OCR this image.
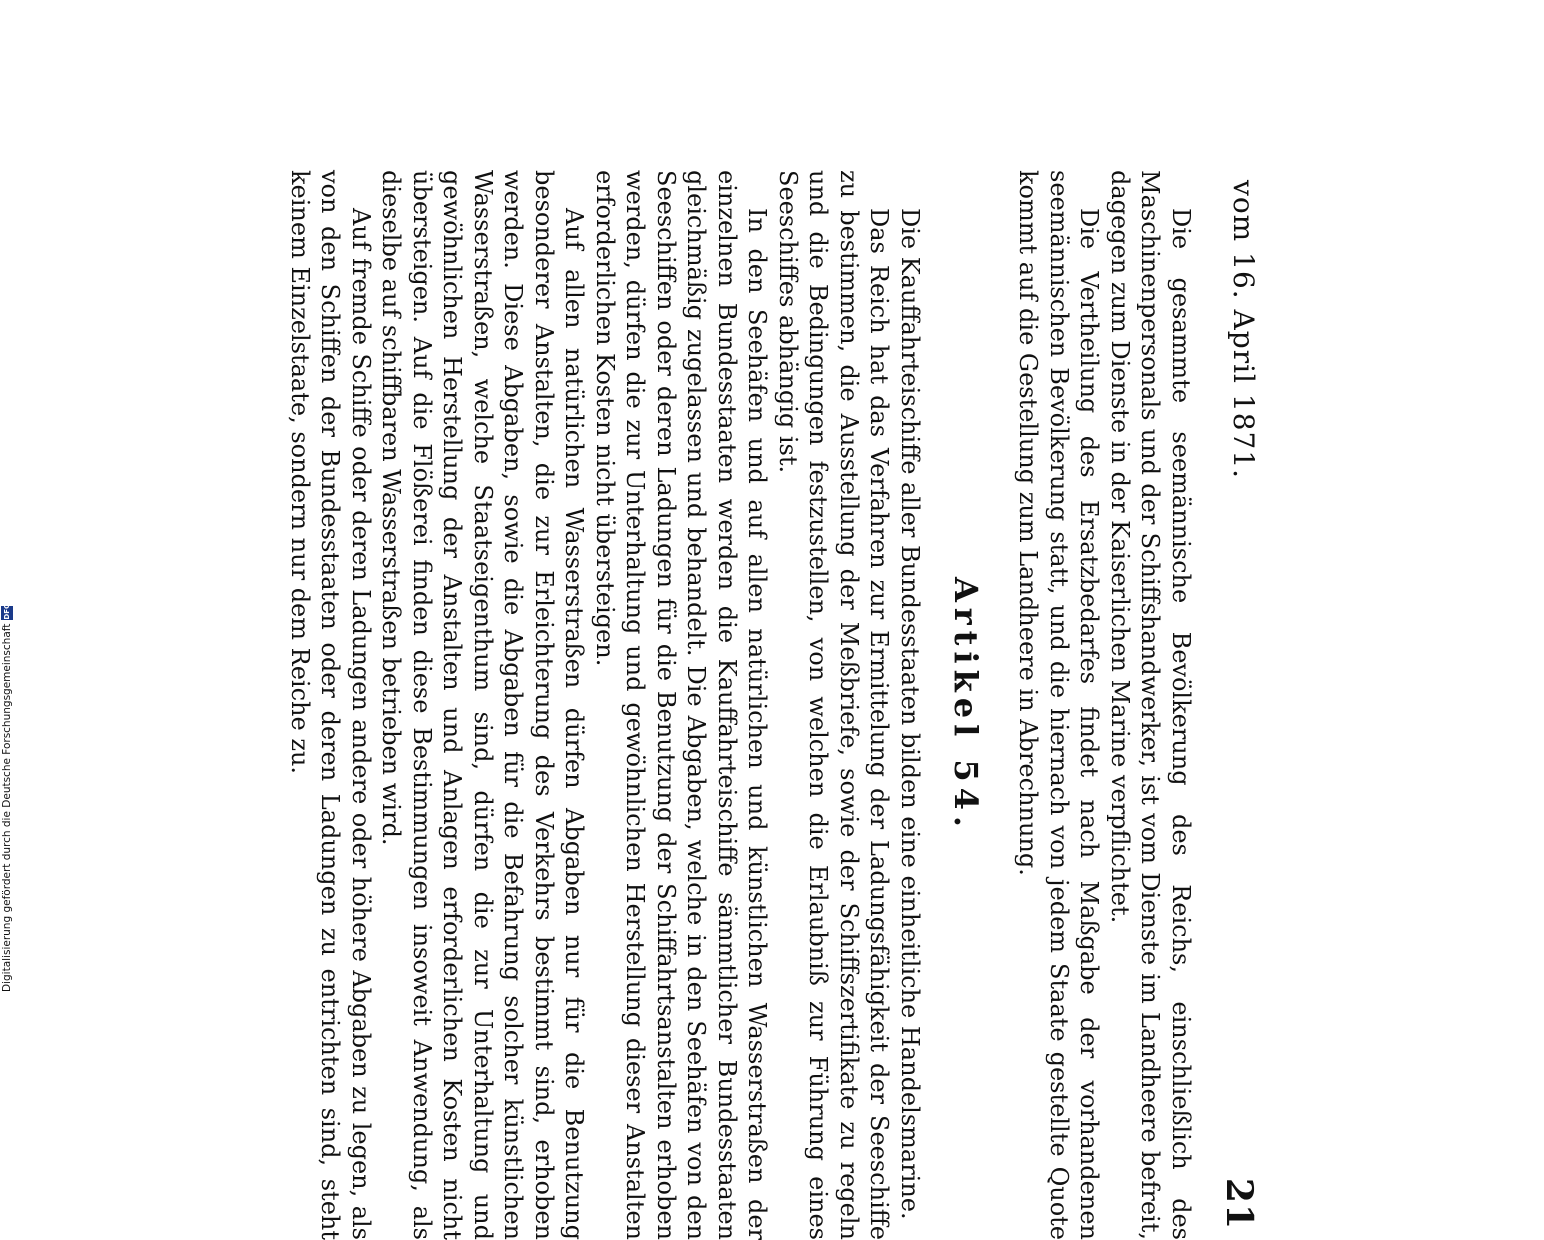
vom 16. April 1871.
21

Die gesammte seemännische Bevölkerung des Reichs, einschließlich des Maschinenpersonals und der Schiffshandwerker, ist vom Dienste im Landheere befreit, dagegen zum Dienste in der Kaiserlichen Marine verpflichtet.

Die Vertheilung des Ersatzbedarfes findet nach Maßgabe der vorhandenen seemännischen Bevölkerung statt, und die hiernach von jedem Staate gestellte Quote kommt auf die Gestellung zum Landheere in Abrechnung.

Artikel 54.

Die Kauffahrteischiffe aller Bundesstaaten bilden eine einheitliche Handelsmarine.

Das Reich hat das Verfahren zur Ermittelung der Ladungsfähigkeit der Seeschiffe zu bestimmen, die Ausstellung der Meßbriefe, sowie der Schiffszertifikate zu regeln und die Bedingungen festzustellen, von welchen die Erlaubniß zur Führung eines Seeschiffes abhängig ist.

In den Seehäfen und auf allen natürlichen und künstlichen Wasserstraßen der einzelnen Bundesstaaten werden die Kauffahrteischiffe sämmtlicher Bundesstaaten gleichmäßig zugelassen und behandelt. Die Abgaben, welche in den Seehäfen von den Seeschiffen oder deren Ladungen für die Benutzung der Schiffahrtsanstalten erhoben werden, dürfen die zur Unterhaltung und gewöhnlichen Herstellung dieser Anstalten erforderlichen Kosten nicht übersteigen.

Auf allen natürlichen Wasserstraßen dürfen Abgaben nur für die Benutzung besonderer Anstalten, die zur Erleichterung des Verkehrs bestimmt sind, erhoben werden. Diese Abgaben, sowie die Abgaben für die Befahrung solcher künstlichen Wasserstraßen, welche Staatseigenthum sind, dürfen die zur Unterhaltung und gewöhnlichen Herstellung der Anstalten und Anlagen erforderlichen Kosten nicht übersteigen. Auf die Flößerei finden diese Bestimmungen insoweit Anwendung, als dieselbe auf schiffbaren Wasserstraßen betrieben wird.

Auf fremde Schiffe oder deren Ladungen andere oder höhere Abgaben zu legen, als von den Schiffen der Bundesstaaten oder deren Ladungen zu entrichten sind, steht keinem Einzelstaate, sondern nur dem Reiche zu.

Digitalisierung gefördert durch die Deutsche Forschungsgemeinschaft
DFG
